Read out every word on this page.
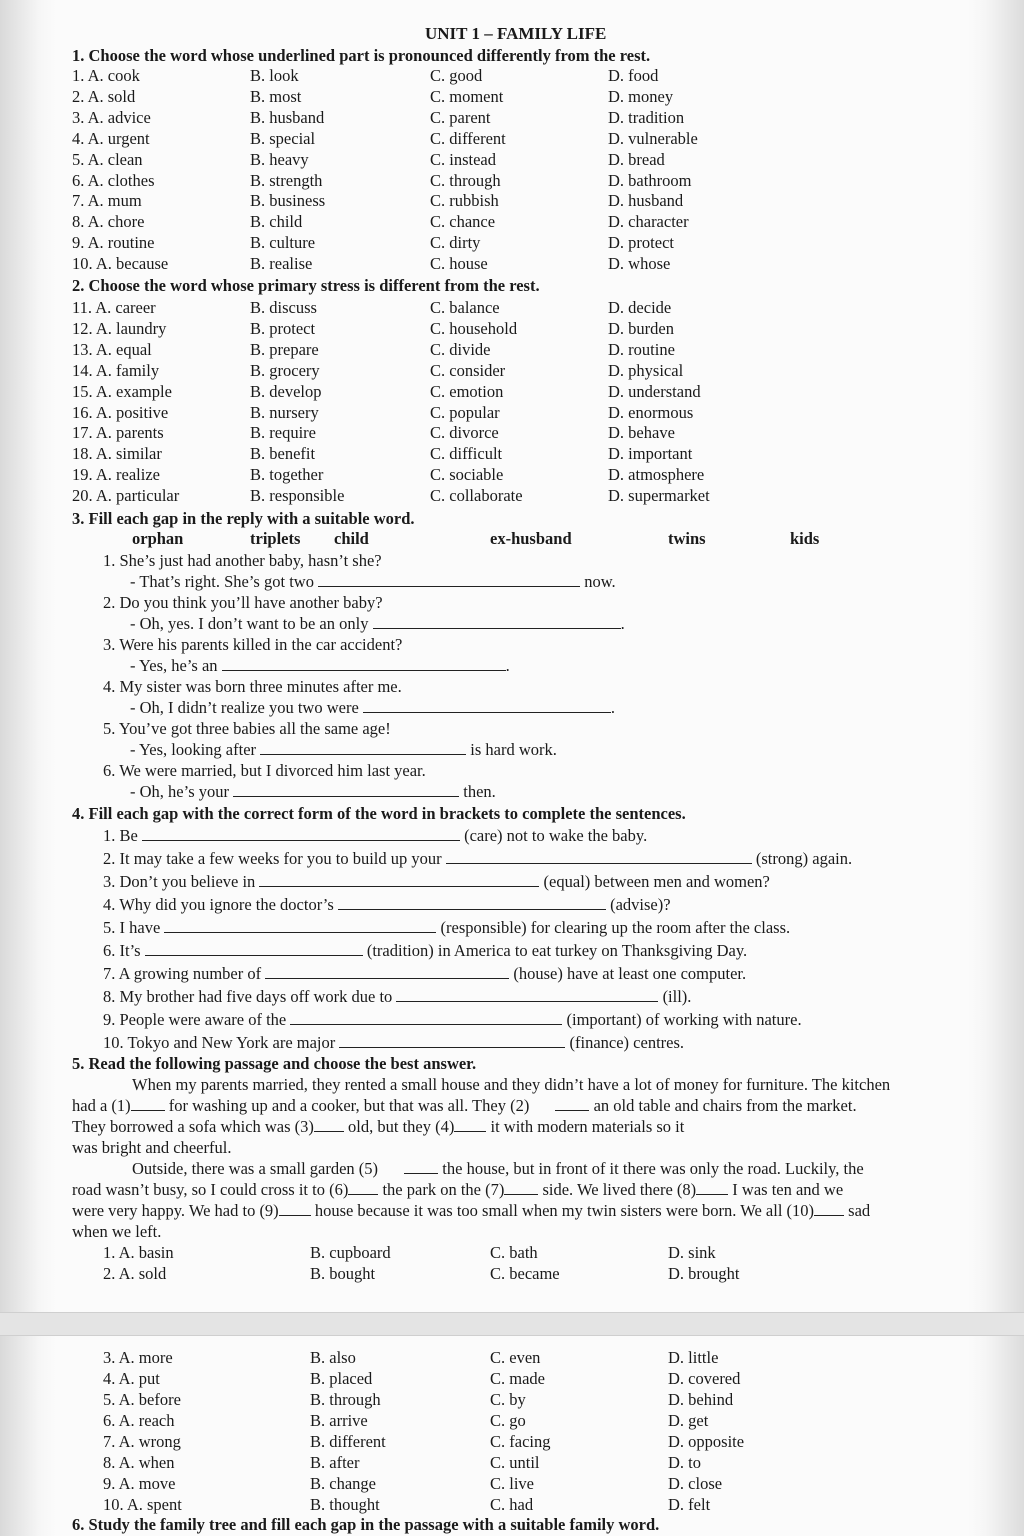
UNIT 1 – FAMILY LIFE
1. Choose the word whose underlined part is pronounced differently from the rest.
1. A. cook	B. look	C. good	D. food
2. A. sold	B. most	C. moment	D. money
3. A. advice	B. husband	C. parent	D. tradition
4. A. urgent	B. special	C. different	D. vulnerable
5. A. clean	B. heavy	C. instead	D. bread
6. A. clothes	B. strength	C. through	D. bathroom
7. A. mum	B. business	C. rubbish	D. husband
8. A. chore	B. child	C. chance	D. character
9. A. routine	B. culture	C. dirty	D. protect
10. A. because	B. realise	C. house	D. whose
2. Choose the word whose primary stress is different from the rest.
11. A. career	B. discuss	C. balance	D. decide
12. A. laundry	B. protect	C. household	D. burden
13. A. equal	B. prepare	C. divide	D. routine
14. A. family	B. grocery	C. consider	D. physical
15. A. example	B. develop	C. emotion	D. understand
16. A. positive	B. nursery	C. popular	D. enormous
17. A. parents	B. require	C. divorce	D. behave
18. A. similar	B. benefit	C. difficult	D. important
19. A. realize	B. together	C. sociable	D. atmosphere
20. A. particular	B. responsible	C. collaborate	D. supermarket
3. Fill each gap in the reply with a suitable word.
orphan	triplets child	ex-husband	twins	kids
1. She’s just had another baby, hasn’t she?
- That’s right. She’s got two	now.
2. Do you think you’ll have another baby?
- Oh, yes. I don’t want to be an only	.
3. Were his parents killed in the car accident?
- Yes, he’s an	.
4. My sister was born three minutes after me.
- Oh, I didn’t realize you two were	.
5. You’ve got three babies all the same age!
- Yes, looking after	is hard work.
6. We were married, but I divorced him last year.
- Oh, he’s your	then.
4. Fill each gap with the correct form of the word in brackets to complete the sentences.
1. Be	(care) not to wake the baby.
2. It may take a few weeks for you to build up your	(strong) again.
3. Don’t you believe in	(equal) between men and women?
4. Why did you ignore the doctor’s	(advise)?
5. I have	(responsible) for clearing up the room after the class.
6. It’s	(tradition) in America to eat turkey on Thanksgiving Day.
7. A growing number of	(house) have at least one computer.
8. My brother had five days off work due to	(ill).
9. People were aware of the	(important) of working with nature.
10. Tokyo and New York are major	(finance) centres.
5. Read the following passage and choose the best answer.
When my parents married, they rented a small house and they didn’t have a lot of money for furniture. The kitchen
had a (1) for washing up and a cooker, but that was all. They (2)	an old table and chairs from the market.
They borrowed a sofa which was (3) old, but they (4) it with modern materials so it
was bright and cheerful.
Outside, there was a small garden (5)	the house, but in front of it there was only the road. Luckily, the
road wasn’t busy, so I could cross it to (6) the park on the (7) side. We lived there (8) I was ten and we
were very happy. We had to (9) house because it was too small when my twin sisters were born. We all (10) sad
when we left.
1. A. basin	B. cupboard	C. bath	D. sink
2. A. sold	B. bought	C. became	D. brought
3. A. more	B. also	C. even	D. little
4. A. put	B. placed	C. made	D. covered
5. A. before	B. through	C. by	D. behind
6. A. reach	B. arrive	C. go	D. get
7. A. wrong	B. different	C. facing	D. opposite
8. A. when	B. after	C. until	D. to
9. A. move	B. change	C. live	D. close
10. A. spent	B. thought	C. had	D. felt
6. Study the family tree and fill each gap in the passage with a suitable family word.
